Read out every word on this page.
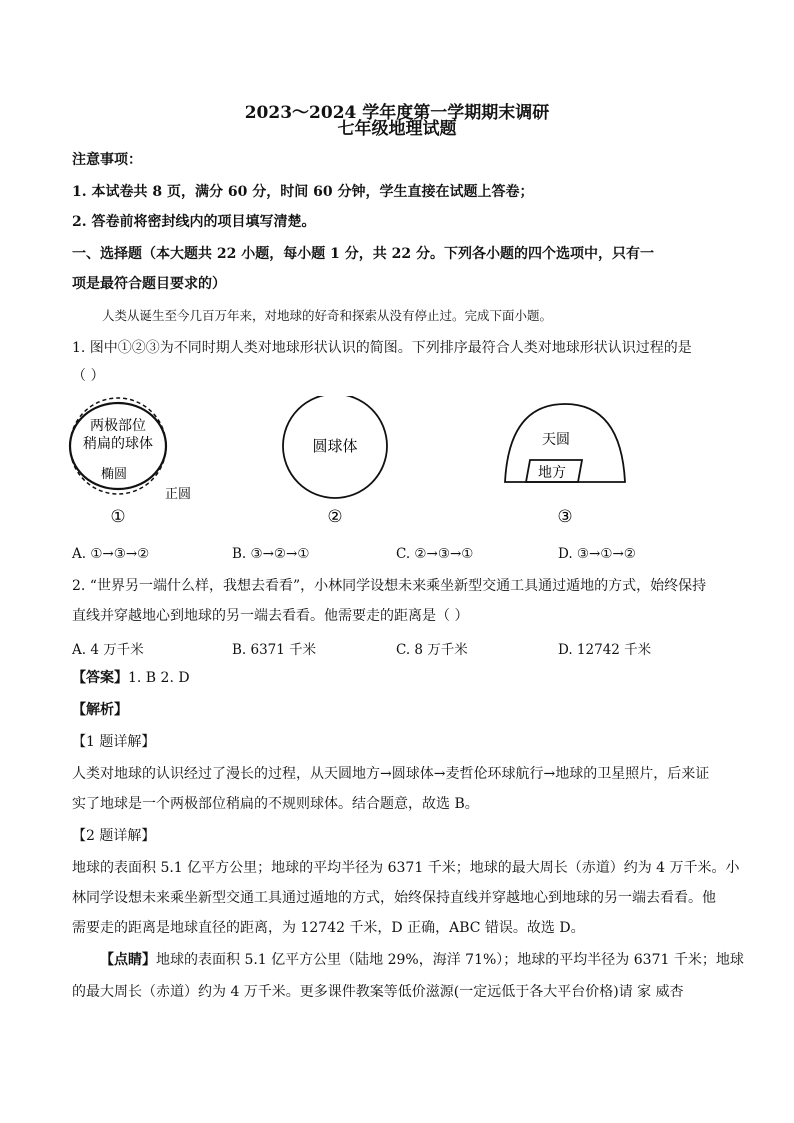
2023～2024 学年度第一学期期末调研
七年级地理试题
注意事项：
1. 本试卷共 8 页，满分 60 分，时间 60 分钟，学生直接在试题上答卷；
2. 答卷前将密封线内的项目填写清楚。
一、选择题（本大题共 22 小题，每小题 1 分，共 22 分。下列各小题的四个选项中，只有一
项是最符合题目要求的）
人类从诞生至今几百万年来，对地球的好奇和探索从没有停止过。完成下面小题。
1. 图中①②③为不同时期人类对地球形状认识的简图。下列排序最符合人类对地球形状认识过程的是
（ ）
两极部位
稍扁的球体
椭圆
正圆
圆球体	天圆
地方
①	②	③
A. ①→③→②	B. ③→②→①	C. ②→③→①	D. ③→①→②
2. “世界另一端什么样，我想去看看”，小林同学设想未来乘坐新型交通工具通过遁地的方式，始终保持
直线并穿越地心到地球的另一端去看看。他需要走的距离是（ ）
A. 4 万千米	B. 6371 千米	C. 8 万千米	D. 12742 千米
【答案】1. B 2. D
【解析】
【1 题详解】
人类对地球的认识经过了漫长的过程，从天圆地方→圆球体→麦哲伦环球航行→地球的卫星照片，后来证
实了地球是一个两极部位稍扁的不规则球体。结合题意，故选 B。
【2 题详解】
地球的表面积 5.1 亿平方公里；地球的平均半径为 6371 千米；地球的最大周长（赤道）约为 4 万千米。小
林同学设想未来乘坐新型交通工具通过遁地的方式，始终保持直线并穿越地心到地球的另一端去看看。他
需要走的距离是地球直径的距离，为 12742 千米，D 正确，ABC 错误。故选 D。
【点睛】地球的表面积 5.1 亿平方公里（陆地 29%，海洋 71%）；地球的平均半径为 6371 千米；地球
的最大周长（赤道）约为 4 万千米。更多课件教案等低价滋源(一定远低于各大平台价格)请 家 威杏
